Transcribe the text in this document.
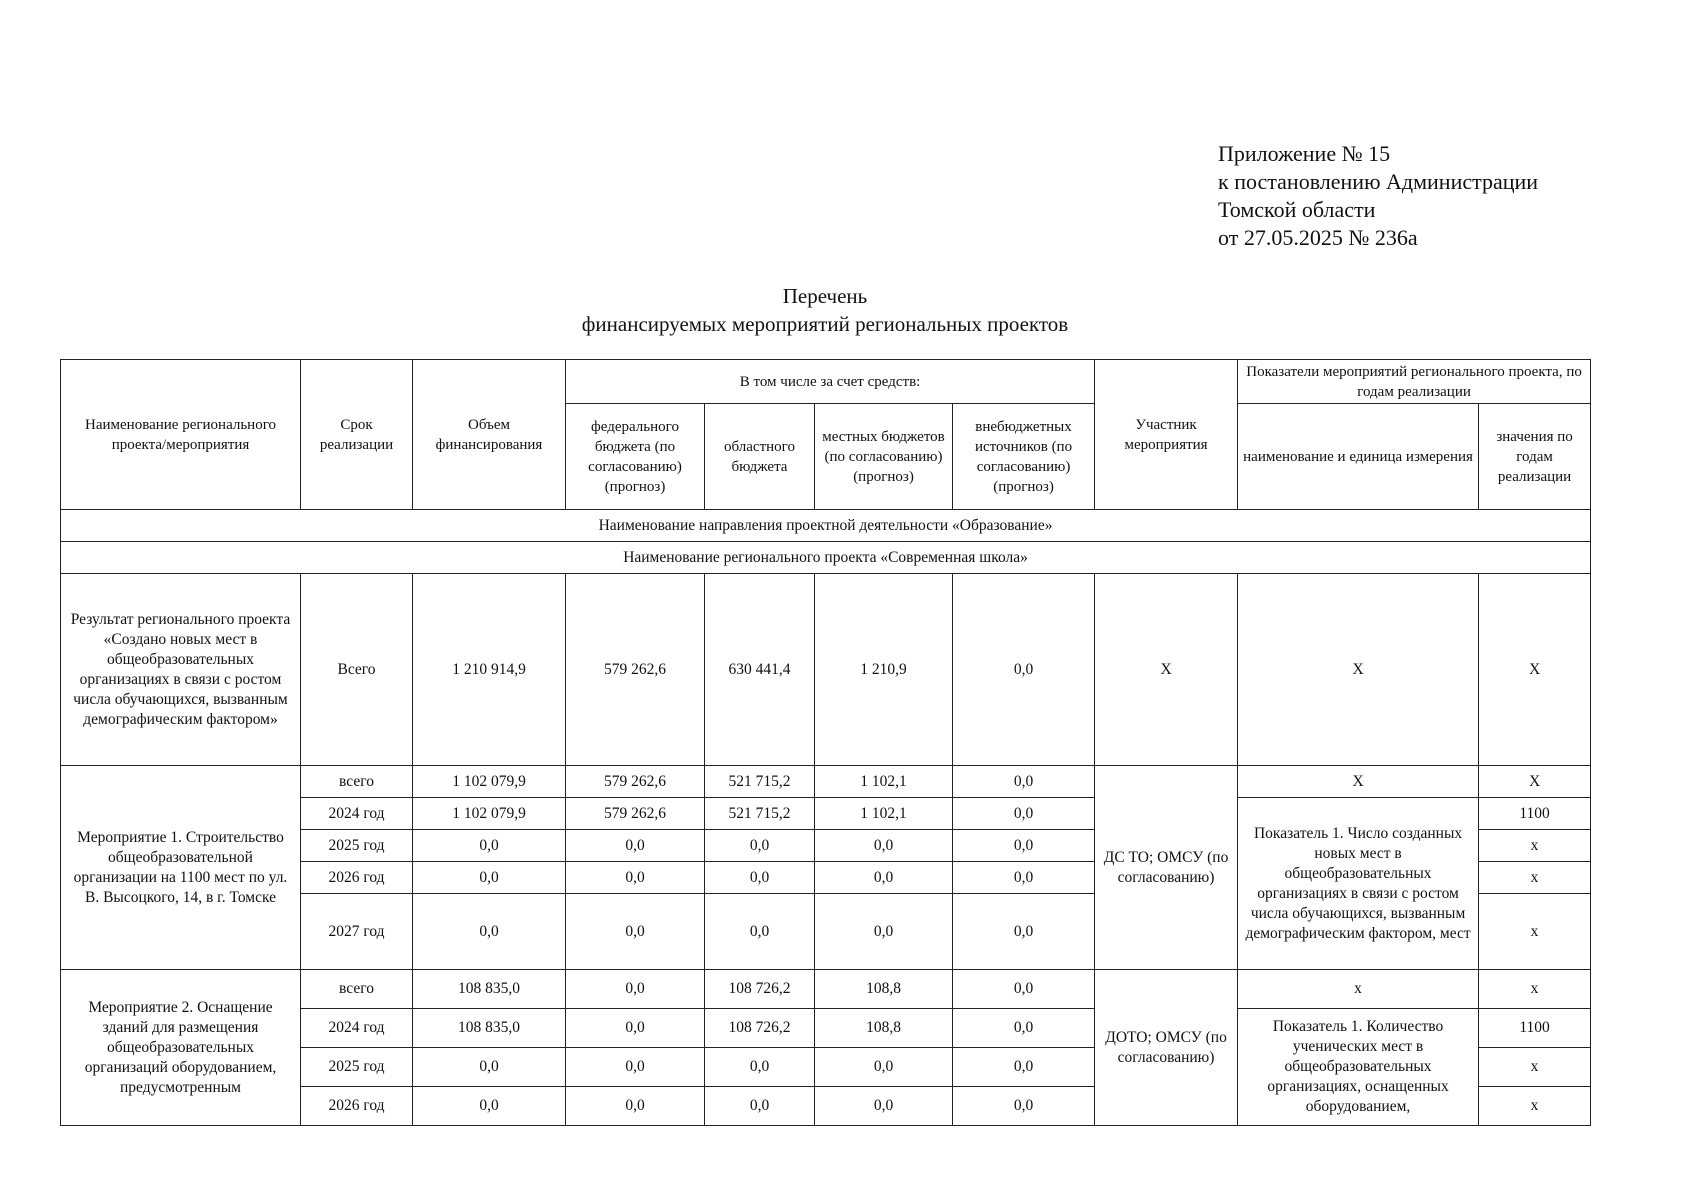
Приложение № 15
к постановлению Администрации
Томской области
от 27.05.2025 № 236а
Перечень
финансируемых мероприятий региональных проектов
Наименование регионального проекта/мероприятия	Срок реализации	Объем финансирования	В том числе за счет средств:				Участник мероприятия	Показатели мероприятий регионального проекта, по годам реализации	
			федерального бюджета (по согласованию) (прогноз)	областного бюджета	местных бюджетов (по согласованию) (прогноз)	внебюджетных источников (по согласованию) (прогноз)		наименование и единица измерения	значения по годам реализации
Наименование направления проектной деятельности «Образование»									
Наименование регионального проекта «Современная школа»									
Результат регионального проекта «Создано новых мест в общеобразовательных организациях в связи с ростом числа обучающихся, вызванным демографическим фактором»	Всего	1 210 914,9	579 262,6	630 441,4	1 210,9	0,0	Х	Х	Х
Мероприятие 1. Строительство общеобразовательной организации на 1100 мест по ул. В. Высоцкого, 14, в г. Томске	всего	1 102 079,9	579 262,6	521 715,2	1 102,1	0,0	ДС ТО; ОМСУ (по согласованию)	Х	Х
	2024 год	1 102 079,9	579 262,6	521 715,2	1 102,1	0,0		Показатель 1. Число созданных новых мест в общеобразовательных организациях в связи с ростом числа обучающихся, вызванным демографическим фактором, мест	1100
	2025 год	0,0	0,0	0,0	0,0	0,0			х
	2026 год	0,0	0,0	0,0	0,0	0,0			х
	2027 год	0,0	0,0	0,0	0,0	0,0			х
Мероприятие 2. Оснащение зданий для размещения общеобразовательных организаций оборудованием, предусмотренным	всего	108 835,0	0,0	108 726,2	108,8	0,0	ДОТО; ОМСУ (по согласованию)	х	х
	2024 год	108 835,0	0,0	108 726,2	108,8	0,0		Показатель 1. Количество ученических мест в общеобразовательных организациях, оснащенных оборудованием,	1100
	2025 год	0,0	0,0	0,0	0,0	0,0			х
	2026 год	0,0	0,0	0,0	0,0	0,0			х
